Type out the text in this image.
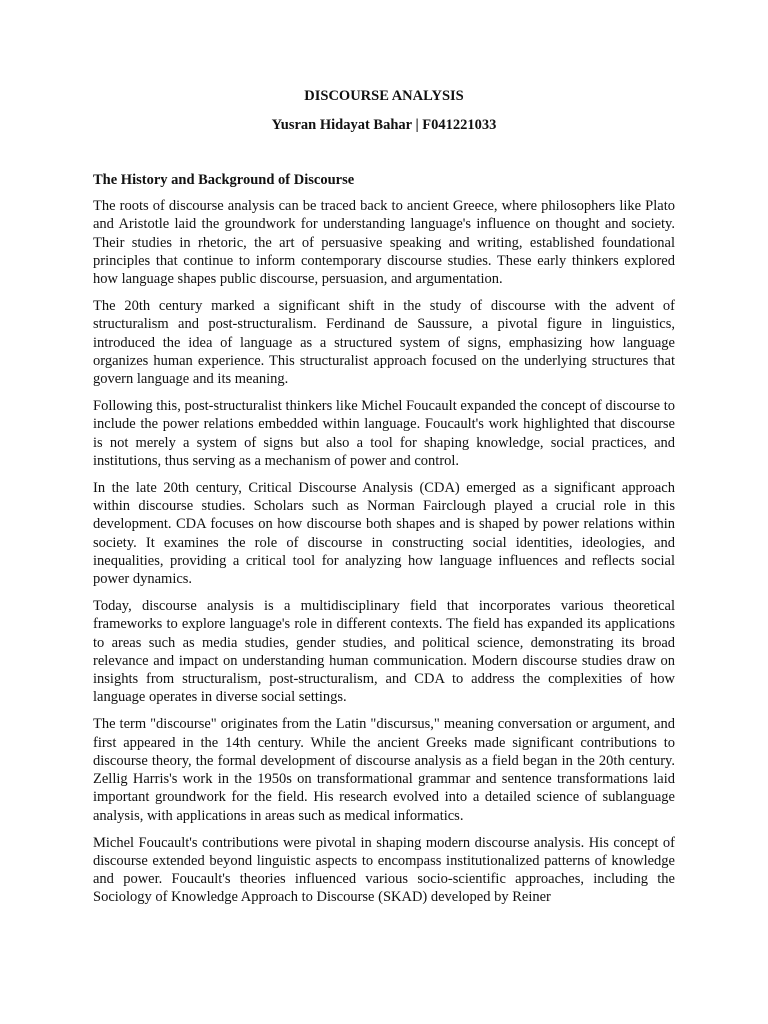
DISCOURSE ANALYSIS

Yusran Hidayat Bahar | F041221033

The History and Background of Discourse

The roots of discourse analysis can be traced back to ancient Greece, where philosophers like Plato and Aristotle laid the groundwork for understanding language's influence on thought and society. Their studies in rhetoric, the art of persuasive speaking and writing, established foundational principles that continue to inform contemporary discourse studies. These early thinkers explored how language shapes public discourse, persuasion, and argumentation.

The 20th century marked a significant shift in the study of discourse with the advent of structuralism and post-structuralism. Ferdinand de Saussure, a pivotal figure in linguistics, introduced the idea of language as a structured system of signs, emphasizing how language organizes human experience. This structuralist approach focused on the underlying structures that govern language and its meaning.

Following this, post-structuralist thinkers like Michel Foucault expanded the concept of discourse to include the power relations embedded within language. Foucault's work highlighted that discourse is not merely a system of signs but also a tool for shaping knowledge, social practices, and institutions, thus serving as a mechanism of power and control.

In the late 20th century, Critical Discourse Analysis (CDA) emerged as a significant approach within discourse studies. Scholars such as Norman Fairclough played a crucial role in this development. CDA focuses on how discourse both shapes and is shaped by power relations within society. It examines the role of discourse in constructing social identities, ideologies, and inequalities, providing a critical tool for analyzing how language influences and reflects social power dynamics.

Today, discourse analysis is a multidisciplinary field that incorporates various theoretical frameworks to explore language's role in different contexts. The field has expanded its applications to areas such as media studies, gender studies, and political science, demonstrating its broad relevance and impact on understanding human communication. Modern discourse studies draw on insights from structuralism, post-structuralism, and CDA to address the complexities of how language operates in diverse social settings.

The term "discourse" originates from the Latin "discursus," meaning conversation or argument, and first appeared in the 14th century. While the ancient Greeks made significant contributions to discourse theory, the formal development of discourse analysis as a field began in the 20th century. Zellig Harris's work in the 1950s on transformational grammar and sentence transformations laid important groundwork for the field. His research evolved into a detailed science of sublanguage analysis, with applications in areas such as medical informatics.

Michel Foucault's contributions were pivotal in shaping modern discourse analysis. His concept of discourse extended beyond linguistic aspects to encompass institutionalized patterns of knowledge and power. Foucault's theories influenced various socio-scientific approaches, including the Sociology of Knowledge Approach to Discourse (SKAD) developed by Reiner
